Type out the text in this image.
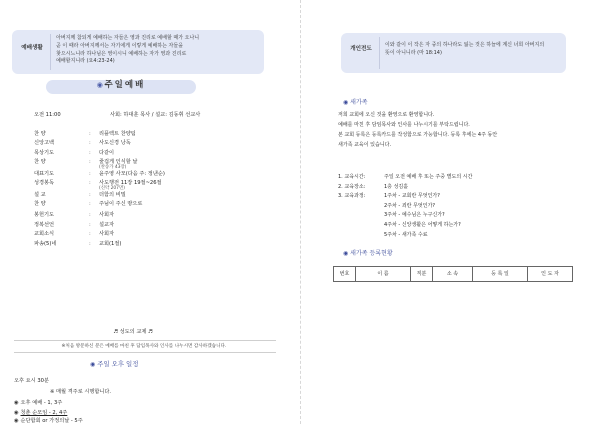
예배생활
아버지께 참되게 예배하는 자들은 영과 진리로 예배할 때가 오나니
곧 이 때라 아버지께서는 자기에게 이렇게 예배하는 자들을
찾으시느니라 하나님은 영이시니 예배하는 자가 영과 진리로
예배할지니라 (요4:23-24)
◉ 주일예배
오전 11:00	사회: 하대훈 목사 / 설교: 김동휘 선교사
찬 양	: 리플렉트 찬양팀
신앙고백	: 사도신경 낭독
목상기도	: 다같이
찬 양	: 줄겁게 인식할 날
(찬송가 43장)
대표기도	: 윤주영 사모(다음 주: 정낸순)
성경봉독	: 사도행전 11장 19절~26절
(신약 207면)
설 교	: 더함의 비밀
찬 양	: 주님이 주신 땅으로
봉헌기도	: 사회자
정복선언	: 설교자
교회소식	: 사회자
파송(5)네	: 교회(1절)
♬ 성도의 교제 ♬
※처음 방문하신 분은 예배를 마친 후 담임목사와 인사를 나누시면 감사하겠습니다.
◉ 주일 오후 일정
오후 요시 30분
※ 매월 격주로 시행합니다.
◉ 오후 예배 - 1, 3주
◉ 청춘 순모임 - 2, 4주
◉ 순단합회 or 가정의날 - 5주
개인전도
이와 같이 이 작은 자 중의 하나라도 잃는 것은 하늘에 계신 너희 아버지의
뜻이 아니니라 (마 18:14)
◉ 새가족

저희 교회에 오신 것을 환영으로 환영합니다.

예배를 마친 후 담임목사와 인사를 나누시기를 부탁드립니다.

본 교회 등록은 등록카드를 작성함으로 가능합니다. 등록 후에는 4주 동안

새가족 교육이 있습니다.

1. 교육시간:	주일 오전 예배 후 또는 주중 별도의 시간
2. 교육장소:	1층 성김홀
3. 교육과정:	1주차 - 교회란 무엇인가?
2주차 - 죄란 무엇인가?
3주차 - 예수님은 누구신가?
4주차 - 신앙생활은 어떻게 하는가?
5주차 - 새가족 수료
◉ 새가족 등록현황
번호	이 름	직분	소 속	등 록 일	인 도 자
